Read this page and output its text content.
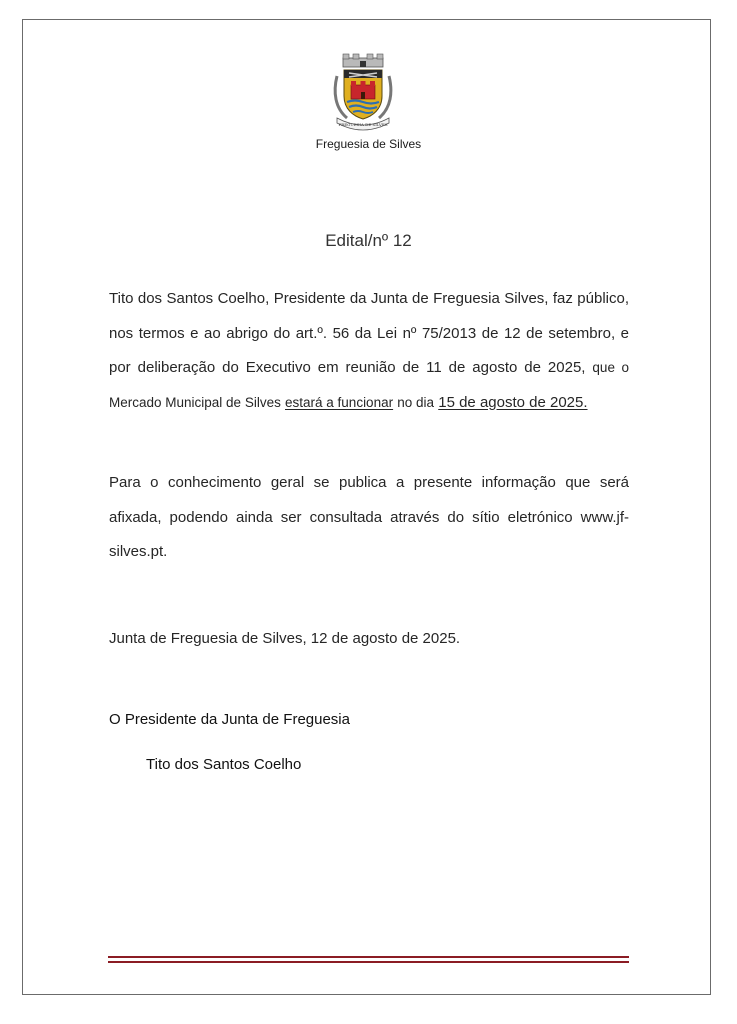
FREGUESIA DE SILVES
Freguesia de Silves
Edital/nº 12
Tito dos Santos Coelho, Presidente da Junta de Freguesia Silves, faz público, nos termos e ao abrigo do art.º. 56 da Lei nº 75/2013 de 12 de setembro, e por deliberação do Executivo em reunião de 11 de agosto de 2025, que o Mercado Municipal de Silves estará a funcionar no dia 15 de agosto de 2025.
Para o conhecimento geral se publica a presente informação que será afixada, podendo ainda ser consultada através do sítio eletrónico www.jf-silves.pt.
Junta de Freguesia de Silves, 12 de agosto de 2025.
O Presidente da Junta de Freguesia
Tito dos Santos Coelho
